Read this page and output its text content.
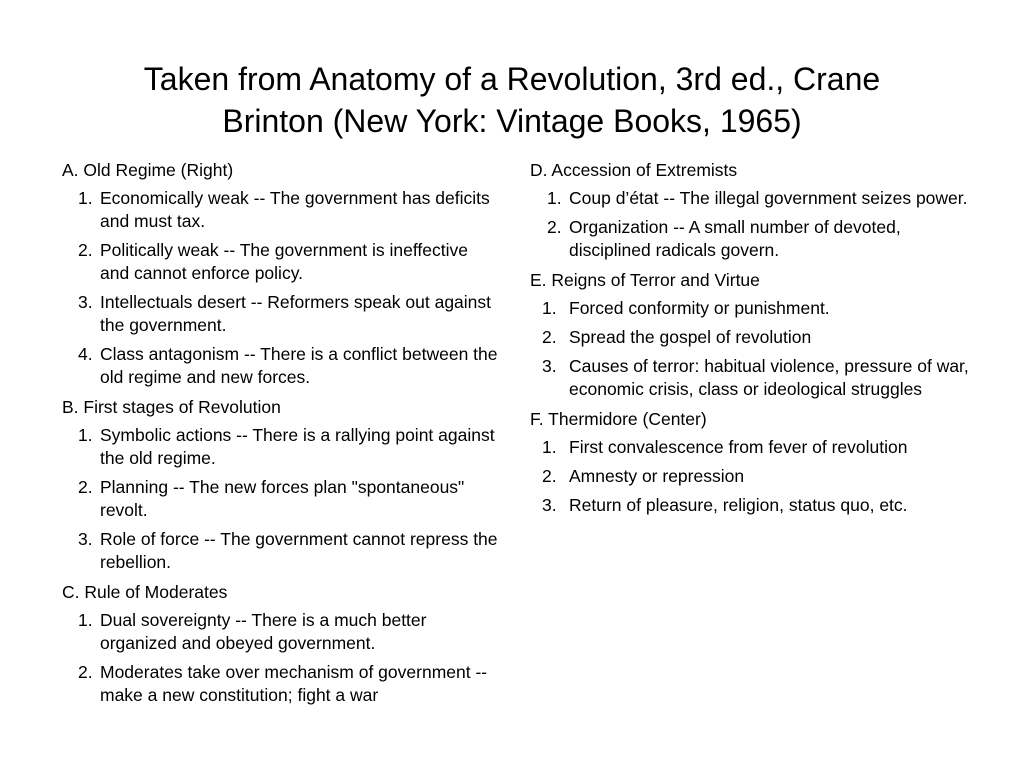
Taken from Anatomy of a Revolution, 3rd ed., Crane
Brinton (New York: Vintage Books, 1965)
A. Old Regime (Right)
1. Economically weak -- The government has deficits and must tax.
2. Politically weak -- The government is ineffective and cannot enforce policy.
3. Intellectuals desert -- Reformers speak out against the government.
4. Class antagonism -- There is a conflict between the old regime and new forces.
B. First stages of Revolution
1. Symbolic actions -- There is a rallying point against the old regime.
2. Planning -- The new forces plan "spontaneous" revolt.
3. Role of force -- The government cannot repress the rebellion.
C. Rule of Moderates
1. Dual sovereignty -- There is a much better organized and obeyed government.
2. Moderates take over mechanism of government -- make a new constitution; fight a war
D. Accession of Extremists
1. Coup d’état -- The illegal government seizes power.
2. Organization -- A small number of devoted, disciplined radicals govern.
E. Reigns of Terror and Virtue
1. Forced conformity or punishment.
2. Spread the gospel of revolution
3. Causes of terror: habitual violence, pressure of war, economic crisis, class or ideological struggles
F. Thermidore (Center)
1. First convalescence from fever of revolution
2. Amnesty or repression
3. Return of pleasure, religion, status quo, etc.
